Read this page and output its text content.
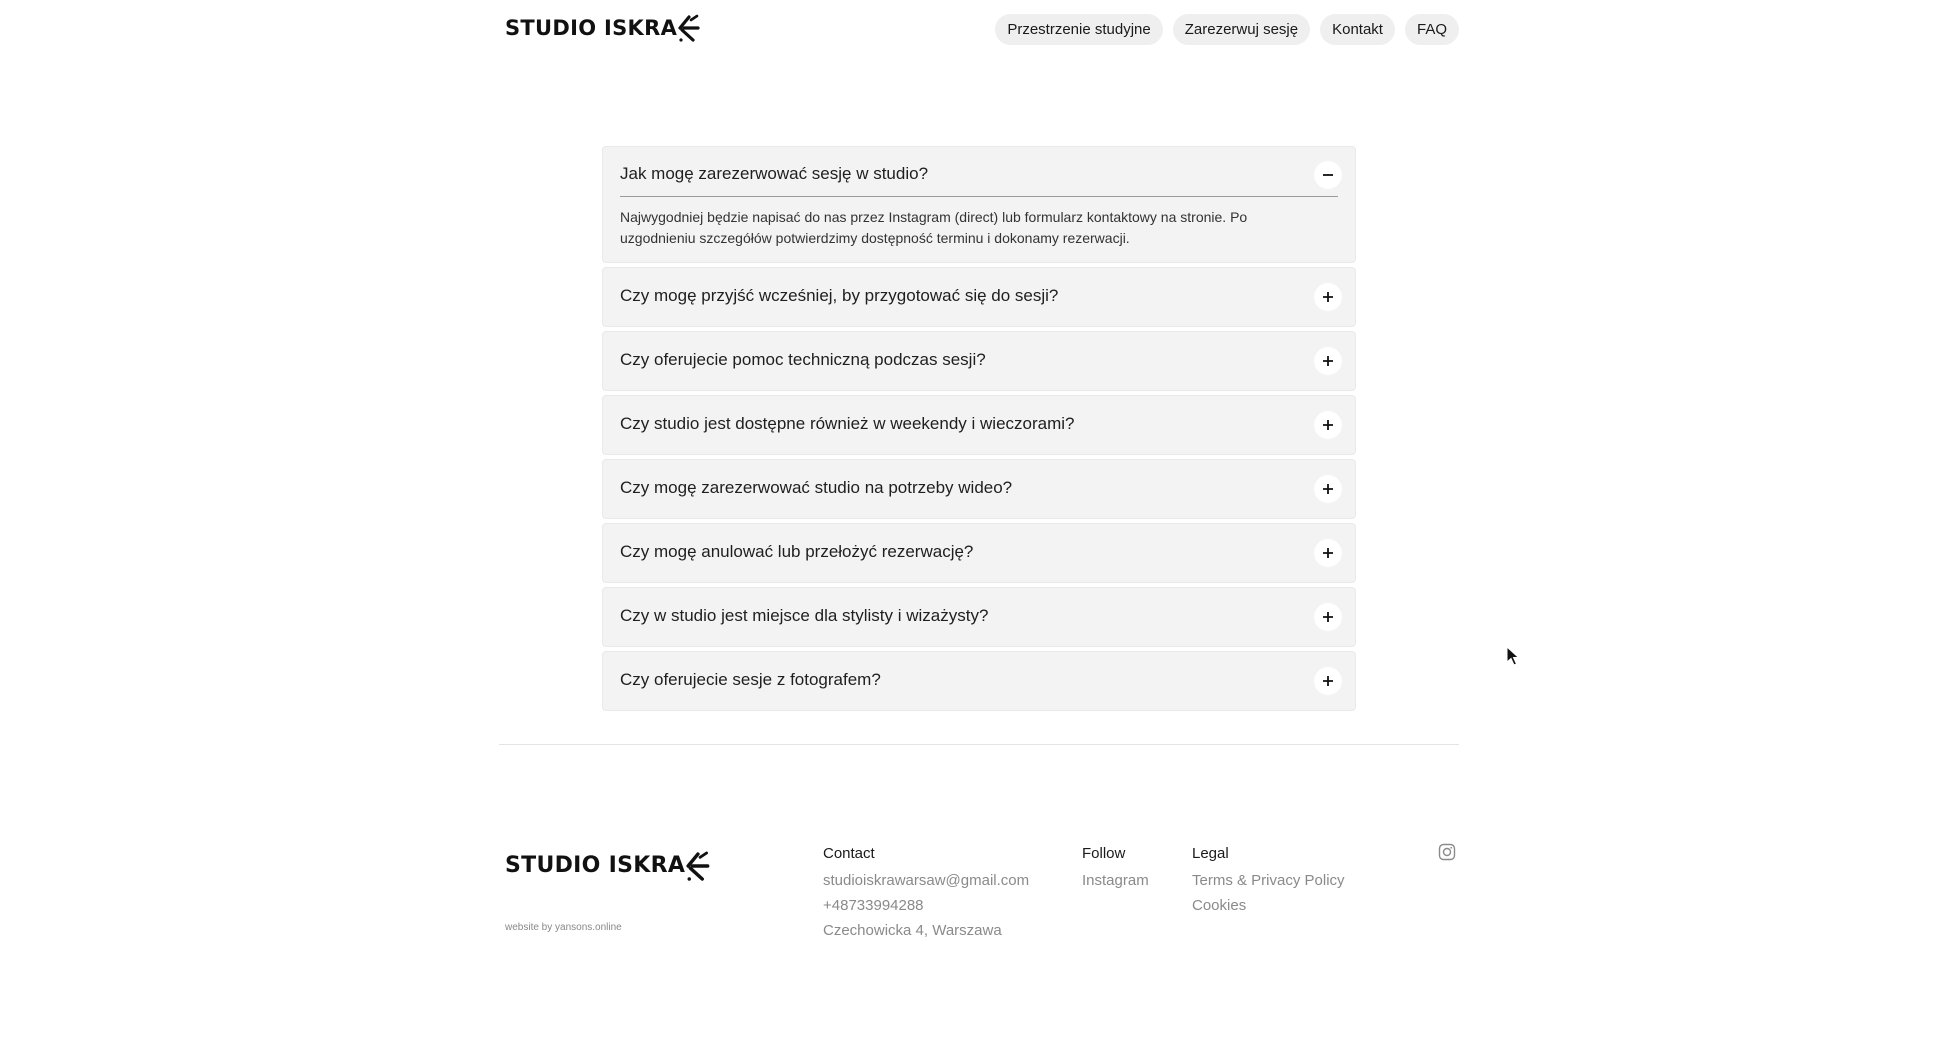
STUDIO ISKRA	Przestrzenie studyjne	Zarezerwuj sesję	Kontakt	FAQ
Jak mogę zarezerwować sesję w studio?
Najwygodniej będzie napisać do nas przez Instagram (direct) lub formularz kontaktowy na stronie. Po uzgodnieniu szczegółów potwierdzimy dostępność terminu i dokonamy rezerwacji.
Czy mogę przyjść wcześniej, by przygotować się do sesji?
Czy oferujecie pomoc techniczną podczas sesji?
Czy studio jest dostępne również w weekendy i wieczorami?
Czy mogę zarezerwować studio na potrzeby wideo?
Czy mogę anulować lub przełożyć rezerwację?
Czy w studio jest miejsce dla stylisty i wizażysty?
Czy oferujecie sesje z fotografem?
STUDIO ISKRA
website by yansons.online
Contact
studioiskrawarsaw@gmail.com
+48733994288
Czechowicka 4, Warszawa
Follow
Instagram
Legal
Terms & Privacy Policy
Cookies
